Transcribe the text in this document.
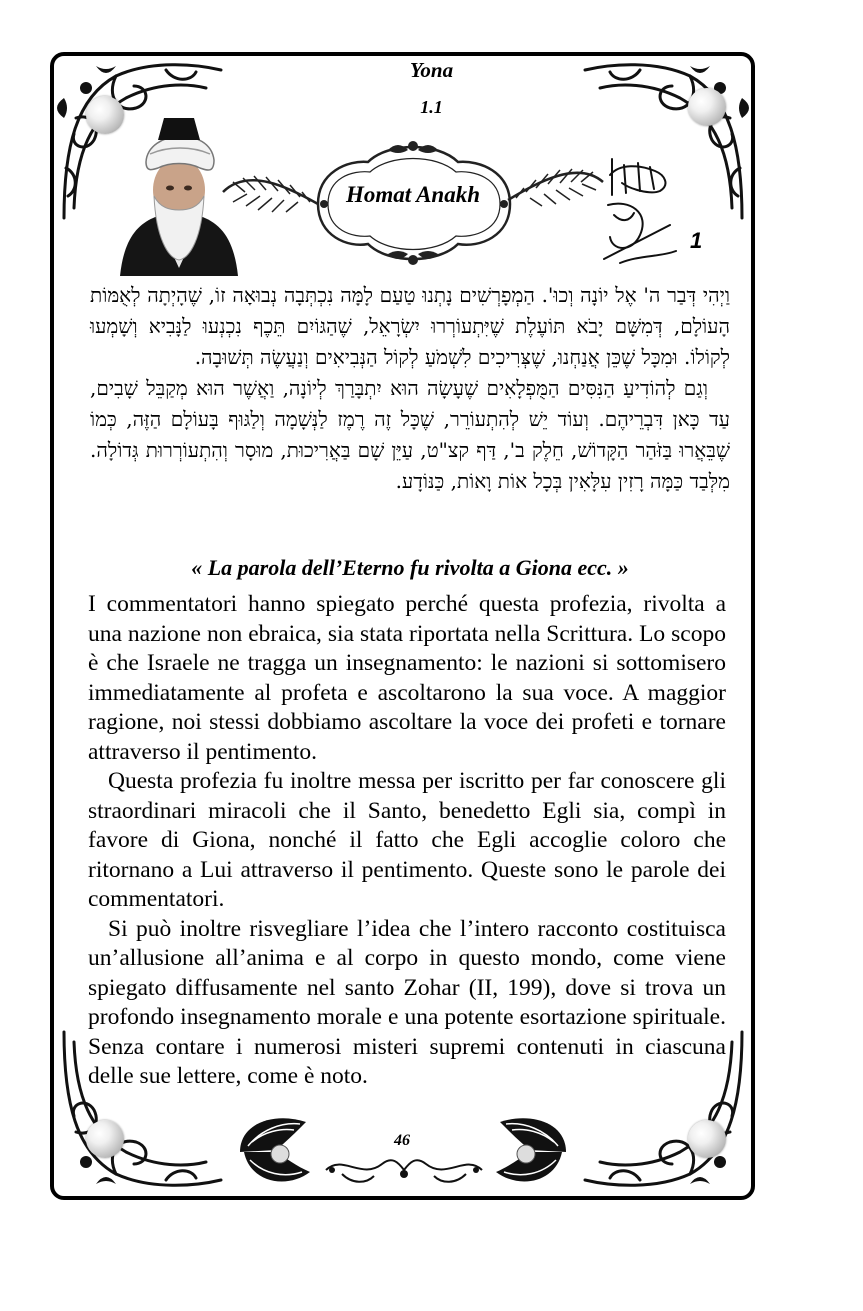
Yona
1.1
Homat Anakh
1

וַיְהִי דְּבַר ה' אֶל יוֹנָה וְכוּ'. הַמְפָרְשִׁים נָתְנוּ טַעַם לָמָּה נִכְתְּבָה נְבוּאָה זוֹ, שֶׁהָיְתָה לְאֻמּוֹת הָעוֹלָם, דְּמִשָּׁם יָבֹא תּוֹעֶלֶת שֶׁיִּתְעוֹרְרוּ יִשְׂרָאֵל, שֶׁהַגּוֹיִם תֵּכֶף נִכְנְעוּ לַנָּבִיא וְשָׁמְעוּ לְקוֹלוֹ. וּמִכָּל שֶׁכֵּן אֲנַחְנוּ, שֶׁצְּרִיכִים לִשְׁמֹעַ לְקוֹל הַנְּבִיאִים וְנַעֲשֶׂה תְּשׁוּבָה.

וְגַם לְהוֹדִיעַ הַנִּסִּים הַמֻּפְלָאִים שֶׁעָשָׂה הוּא יִתְבָּרַךְ לְיוֹנָה, וַאֲשֶׁר הוּא מְקַבֵּל שָׁבִים, עַד כָּאן דִּבְרֵיהֶם. וְעוֹד יֵשׁ לְהִתְעוֹרֵר, שֶׁכָּל זֶה רֶמֶז לַנְּשָׁמָה וְלַגּוּף בָּעוֹלָם הַזֶּה, כְּמוֹ שֶׁבֵּאֲרוּ בַּזֹּהַר הַקָּדוֹשׁ, חֵלֶק ב', דַּף קצ"ט, עַיֵּן שָׁם בַּאֲרִיכוּת, מוּסָר וְהִתְעוֹרְרוּת גְּדוֹלָה. מִלְּבַד כַּמָּה רָזִין עִלָּאִין בְּכָל אוֹת וָאוֹת, כַּנּוֹדָע.

« La parola dell’Eterno fu rivolta a Giona ecc. »

I commentatori hanno spiegato perché questa profezia, rivolta a una nazione non ebraica, sia stata riportata nella Scrittura. Lo scopo è che Israele ne tragga un insegnamento: le nazioni si sottomisero immediatamente al profeta e ascoltarono la sua voce. A maggior ragione, noi stessi dobbiamo ascoltare la voce dei profeti e tornare attraverso il pentimento.

Questa profezia fu inoltre messa per iscritto per far conoscere gli straordinari miracoli che il Santo, benedetto Egli sia, compì in favore di Giona, nonché il fatto che Egli accoglie coloro che ritornano a Lui attraverso il pentimento. Queste sono le parole dei commentatori.

Si può inoltre risvegliare l’idea che l’intero racconto costituisca un’allusione all’anima e al corpo in questo mondo, come viene spiegato diffusamente nel santo Zohar (II, 199), dove si trova un profondo insegnamento morale e una potente esortazione spirituale. Senza contare i numerosi misteri supremi contenuti in ciascuna delle sue lettere, come è noto.

46
